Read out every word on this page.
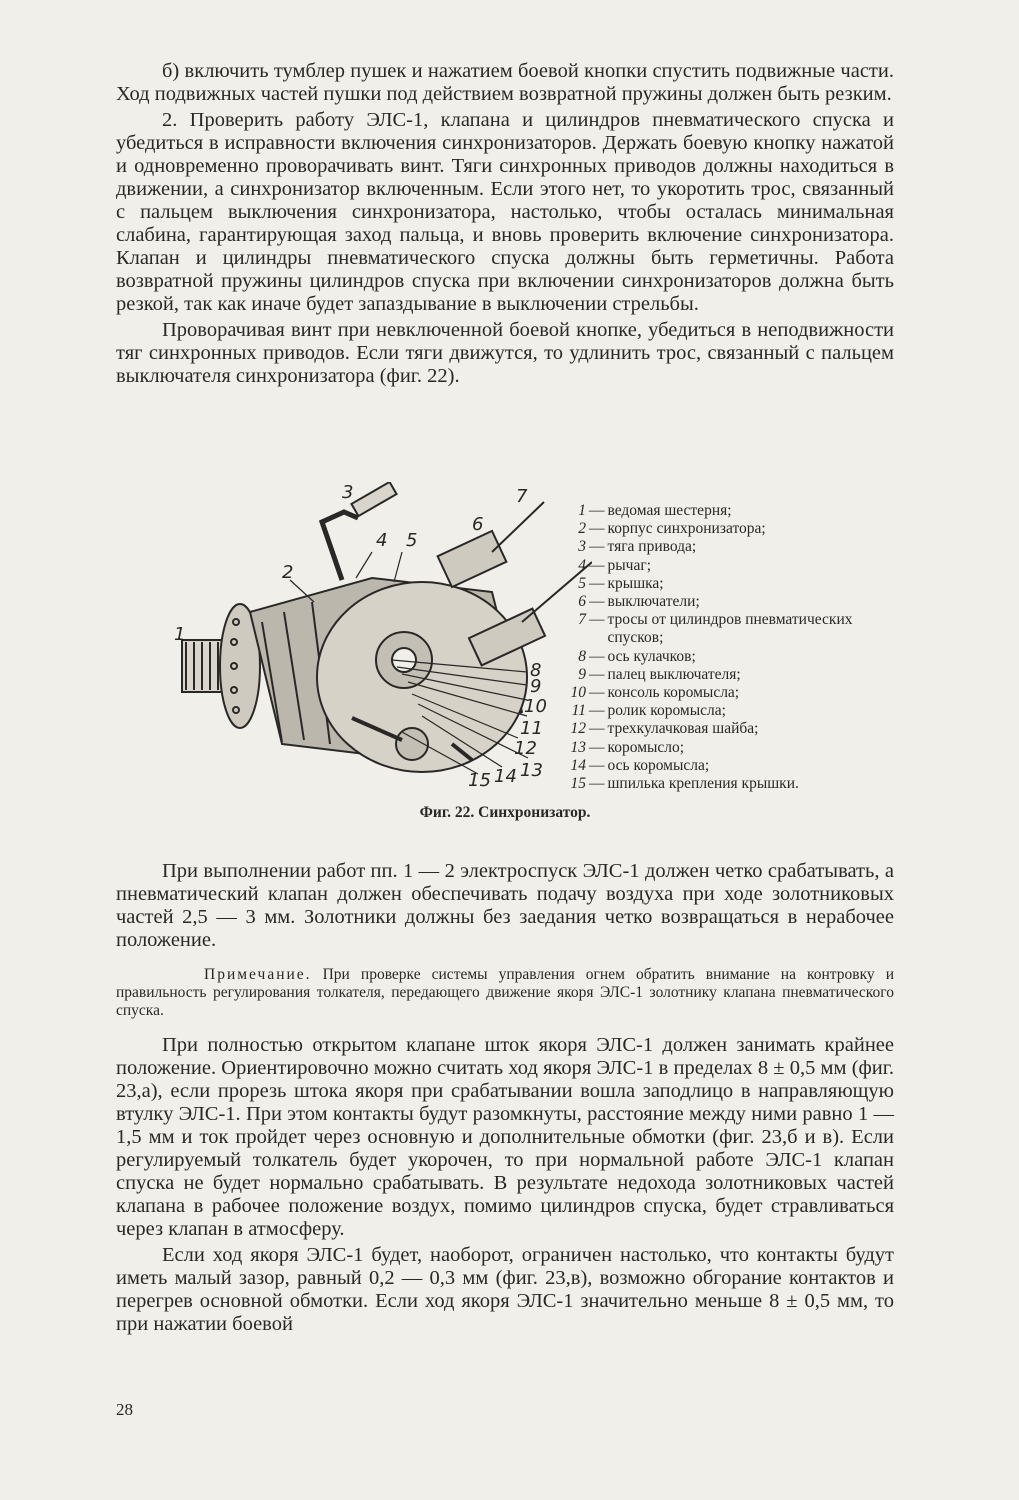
б) включить тумблер пушек и нажатием боевой кнопки спустить подвижные части. Ход подвижных частей пушки под действием возвратной пружины должен быть резким.

2. Проверить работу ЭЛС-1, клапана и цилиндров пневматического спуска и убедиться в исправности включения синхронизаторов. Держать боевую кнопку нажатой и одновременно проворачивать винт. Тяги синхронных приводов должны находиться в движении, а синхронизатор включенным. Если этого нет, то укоротить трос, связанный с пальцем выключения синхронизатора, настолько, чтобы осталась минимальная слабина, гарантирующая заход пальца, и вновь проверить включение синхронизатора. Клапан и цилиндры пневматического спуска должны быть герметичны. Работа возвратной пружины цилиндров спуска при включении синхронизаторов должна быть резкой, так как иначе будет запаздывание в выключении стрельбы.

Проворачивая винт при невключенной боевой кнопке, убедиться в неподвижности тяг синхронных приводов. Если тяги движутся, то удлинить трос, связанный с пальцем выключателя синхронизатора (фиг. 22).

1
2
3
4 5
6
7
8
9
10
11
12
13
14
15
1 — ведомая шестерня;
2 — корпус синхронизатора;
3 — тяга привода;
4 — рычаг;
5 — крышка;
6 — выключатели;
7 — тросы от цилиндров пневматических спусков;
8 — ось кулачков;
9 — палец выключателя;
10 — консоль коромысла;
11 — ролик коромысла;
12 — трехкулачковая шайба;
13 — коромысло;
14 — ось коромысла;
15 — шпилька крепления крышки.
Фиг. 22. Синхронизатор.

При выполнении работ пп. 1 — 2 электроспуск ЭЛС-1 должен четко срабатывать, а пневматический клапан должен обеспечивать подачу воздуха при ходе золотниковых частей 2,5 — 3 мм. Золотники должны без заедания четко возвращаться в нерабочее положение.

Примечание. При проверке системы управления огнем обратить внимание на контровку и правильность регулирования толкателя, передающего движение якоря ЭЛС-1 золотнику клапана пневматического спуска.

При полностью открытом клапане шток якоря ЭЛС-1 должен занимать крайнее положение. Ориентировочно можно считать ход якоря ЭЛС-1 в пределах 8 ± 0,5 мм (фиг. 23,а), если прорезь штока якоря при срабатывании вошла заподлицо в направляющую втулку ЭЛС-1. При этом контакты будут разомкнуты, расстояние между ними равно 1 — 1,5 мм и ток пройдет через основную и дополнительные обмотки (фиг. 23,б и в). Если регулируемый толкатель будет укорочен, то при нормальной работе ЭЛС-1 клапан спуска не будет нормально срабатывать. В результате недохода золотниковых частей клапана в рабочее положение воздух, помимо цилиндров спуска, будет стравливаться через клапан в атмосферу.

Если ход якоря ЭЛС-1 будет, наоборот, ограничен настолько, что контакты будут иметь малый зазор, равный 0,2 — 0,3 мм (фиг. 23,в), возможно обгорание контактов и перегрев основной обмотки. Если ход якоря ЭЛС-1 значительно меньше 8 ± 0,5 мм, то при нажатии боевой

28
